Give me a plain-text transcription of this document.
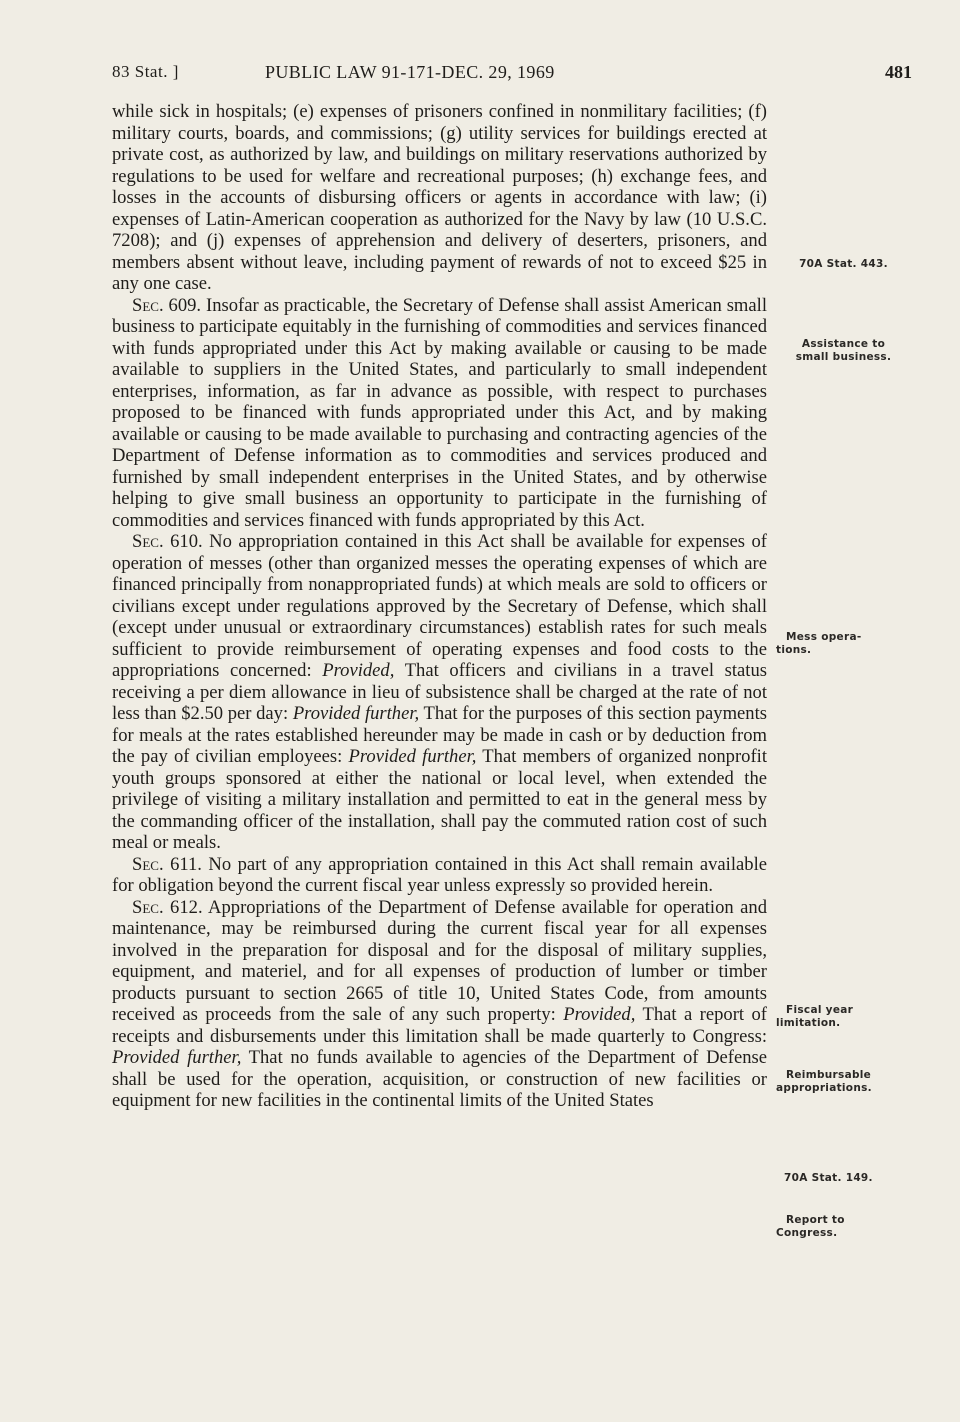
83 Stat. ]	PUBLIC LAW 91-171-DEC. 29, 1969	481

while sick in hospitals; (e) expenses of prisoners confined in nonmilitary facilities; (f) military courts, boards, and commissions; (g) utility services for buildings erected at private cost, as authorized by law, and buildings on military reservations authorized by regulations to be used for welfare and recreational purposes; (h) exchange fees, and losses in the accounts of disbursing officers or agents in accordance with law; (i) expenses of Latin-American cooperation as authorized for the Navy by law (10 U.S.C. 7208); and (j) expenses of apprehension and delivery of deserters, prisoners, and members absent without leave, including payment of rewards of not to exceed $25 in any one case.

Sec. 609. Insofar as practicable, the Secretary of Defense shall assist American small business to participate equitably in the furnishing of commodities and services financed with funds appropriated under this Act by making available or causing to be made available to suppliers in the United States, and particularly to small independent enterprises, information, as far in advance as possible, with respect to purchases proposed to be financed with funds appropriated under this Act, and by making available or causing to be made available to purchasing and contracting agencies of the Department of Defense information as to commodities and services produced and furnished by small independent enterprises in the United States, and by otherwise helping to give small business an opportunity to participate in the furnishing of commodities and services financed with funds appropriated by this Act.

Sec. 610. No appropriation contained in this Act shall be available for expenses of operation of messes (other than organized messes the operating expenses of which are financed principally from nonappropriated funds) at which meals are sold to officers or civilians except under regulations approved by the Secretary of Defense, which shall (except under unusual or extraordinary circumstances) establish rates for such meals sufficient to provide reimbursement of operating expenses and food costs to the appropriations concerned: Provided, That officers and civilians in a travel status receiving a per diem allowance in lieu of subsistence shall be charged at the rate of not less than $2.50 per day: Provided further, That for the purposes of this section payments for meals at the rates established hereunder may be made in cash or by deduction from the pay of civilian employees: Provided further, That members of organized nonprofit youth groups sponsored at either the national or local level, when extended the privilege of visiting a military installation and permitted to eat in the general mess by the commanding officer of the installation, shall pay the commuted ration cost of such meal or meals.

Sec. 611. No part of any appropriation contained in this Act shall remain available for obligation beyond the current fiscal year unless expressly so provided herein.

Sec. 612. Appropriations of the Department of Defense available for operation and maintenance, may be reimbursed during the current fiscal year for all expenses involved in the preparation for disposal and for the disposal of military supplies, equipment, and materiel, and for all expenses of production of lumber or timber products pursuant to section 2665 of title 10, United States Code, from amounts received as proceeds from the sale of any such property: Provided, That a report of receipts and disbursements under this limitation shall be made quarterly to Congress: Provided further, That no funds available to agencies of the Department of Defense shall be used for the operation, acquisition, or construction of new facilities or equipment for new facilities in the continental limits of the United States

70A Stat. 443.
Assistance to
small business.
Mess opera-
tions.
Fiscal year
limitation.
Reimbursable
appropriations.
70A Stat. 149.
Report to
Congress.
